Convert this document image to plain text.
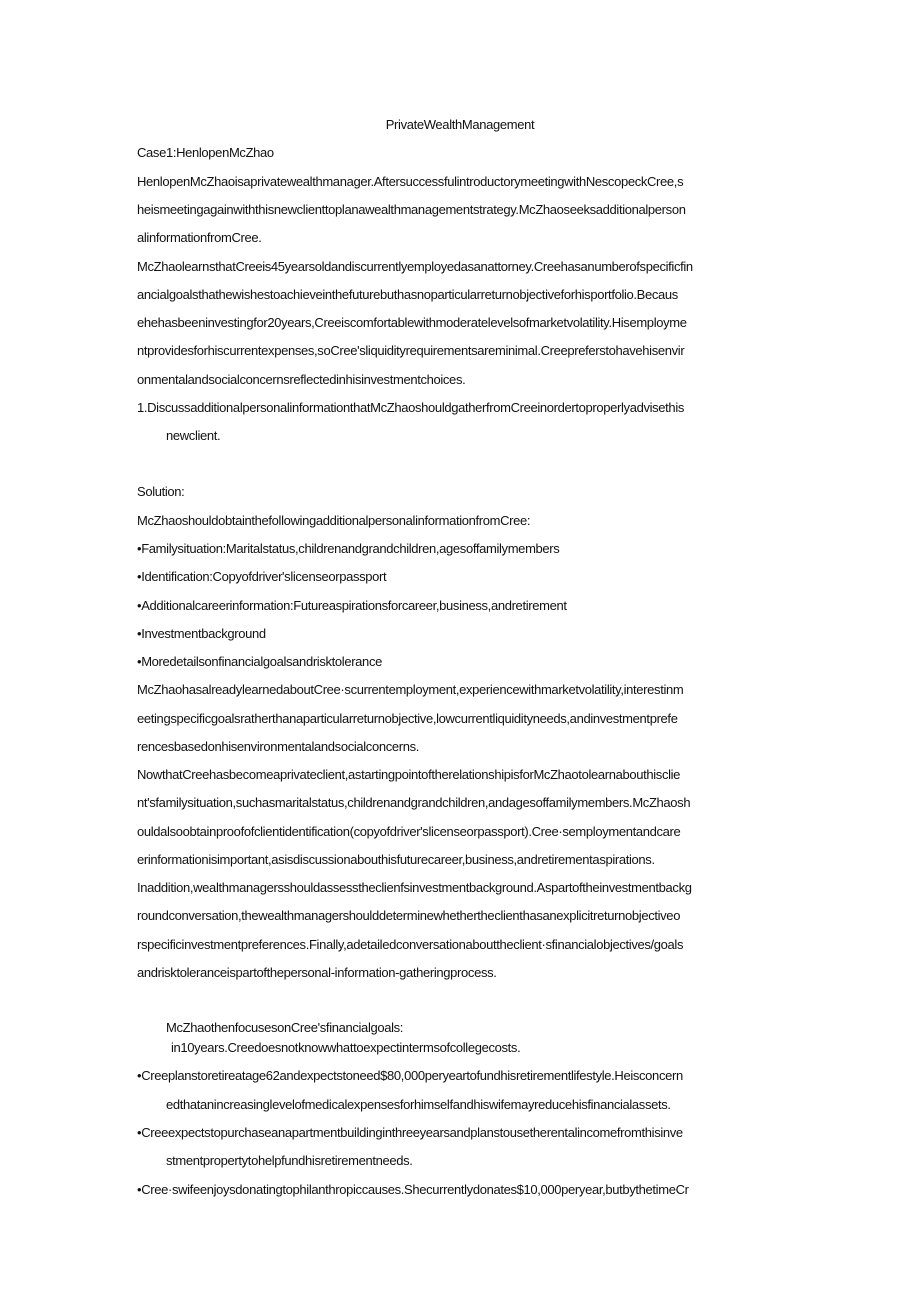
PrivateWealthManagement
Case1:HenlopenMcZhao
HenlopenMcZhaoisaprivatewealthmanager.AftersuccessfulintroductorymeetingwithNescopeckCree,s
heismeetingagainwiththisnewclienttoplanawealthmanagementstrategy.McZhaoseeksadditionalperson
alinformationfromCree.
McZhaolearnsthatCreeis45yearsoldandiscurrentlyemployedasanattorney.Creehasanumberofspecificfin
ancialgoalsthathewishestoachieveinthefuturebuthasnoparticularreturnobjectiveforhisportfolio.Becaus
ehehasbeeninvestingfor20years,Creeiscomfortablewithmoderatelevelsofmarketvolatility.Hisemployme
ntprovidesforhiscurrentexpenses,soCree'sliquidityrequirementsareminimal.Creepreferstohavehisenvir
onmentalandsocialconcernsreflectedinhisinvestmentchoices.
1.DiscussadditionalpersonalinformationthatMcZhaoshouldgatherfromCreeinordertoproperlyadvisethis
newclient.
Solution:
McZhaoshouldobtainthefollowingadditionalpersonalinformationfromCree:
•Familysituation:Maritalstatus,childrenandgrandchildren,agesoffamilymembers
•Identification:Copyofdriver'slicenseorpassport
•Additionalcareerinformation:Futureaspirationsforcareer,business,andretirement
•Investmentbackground
•Moredetailsonfinancialgoalsandrisktolerance
McZhaohasalreadylearnedaboutCree·scurrentemployment,experiencewithmarketvolatility,interestinm
eetingspecificgoalsratherthanaparticularreturnobjective,lowcurrentliquidityneeds,andinvestmentprefe
rencesbasedonhisenvironmentalandsocialconcerns.
NowthatCreehasbecomeaprivateclient,astartingpointoftherelationshipisforMcZhaotolearnabouthisclie
nt'sfamilysituation,suchasmaritalstatus,childrenandgrandchildren,andagesoffamilymembers.McZhaosh
ouldalsoobtainproofofclientidentification(copyofdriver'slicenseorpassport).Cree·semploymentandcare
erinformationisimportant,asisdiscussionabouthisfuturecareer,business,andretirementaspirations.
Inaddition,wealthmanagersshouldassesstheclienfsinvestmentbackground.Aspartoftheinvestmentbackg
roundconversation,thewealthmanagershoulddeterminewhethertheclienthasanexplicitreturnobjectiveo
rspecificinvestmentpreferences.Finally,adetailedconversationabouttheclient·sfinancialobjectives/goals
andrisktoleranceispartofthepersonal-information-gatheringprocess.
McZhaothenfocusesonCree'sfinancialgoals:
in10years.Creedoesnotknowwhattoexpectintermsofcollegecosts.
•Creeplanstoretireatage62andexpectstoneed$80,000peryeartofundhisretirementlifestyle.Heisconcern
edthatanincreasinglevelofmedicalexpensesforhimselfandhiswifemayreducehisfinancialassets.
•Creeexpectstopurchaseanapartmentbuildinginthreeyearsandplanstousetherentalincomefromthisinve
stmentpropertytohelpfundhisretirementneeds.
•Cree·swifeenjoysdonatingtophilanthropiccauses.Shecurrentlydonates$10,000peryear,butbythetimeCr
